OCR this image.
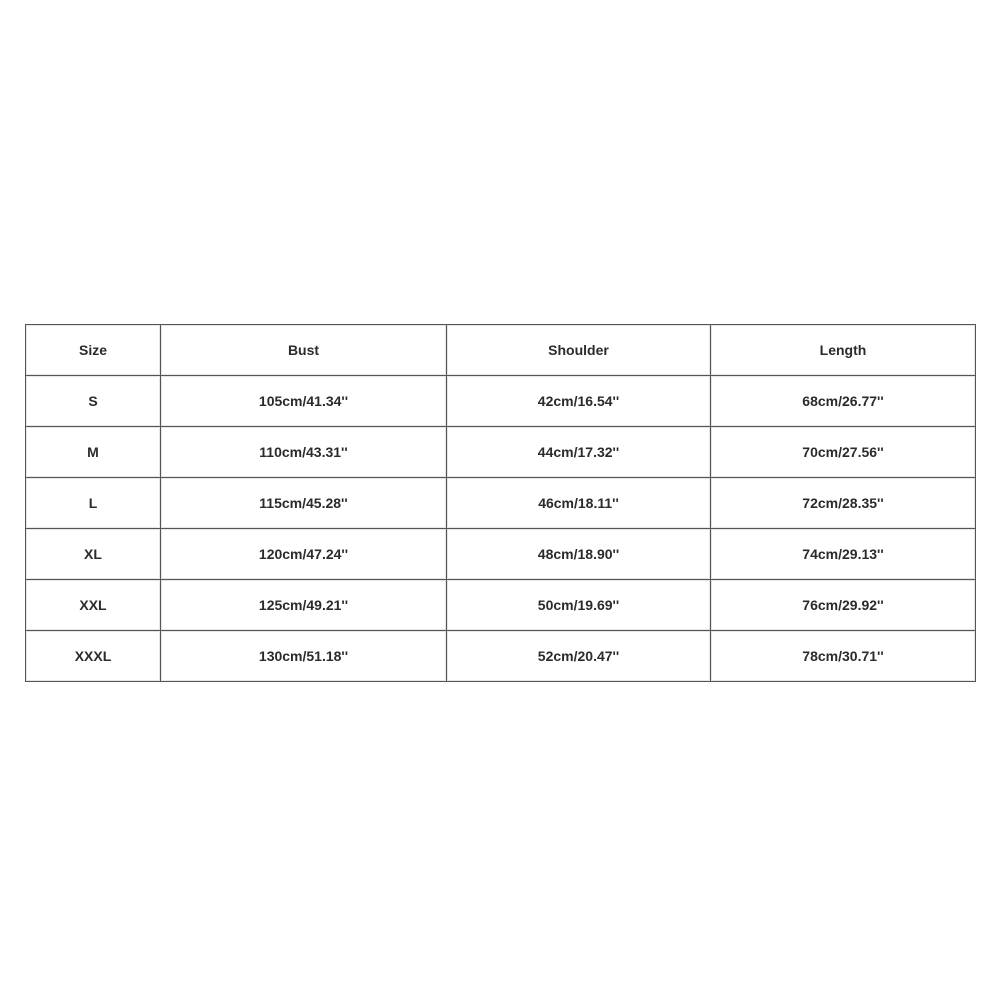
Size	Bust	Shoulder	Length
S	105cm/41.34''	42cm/16.54''	68cm/26.77''
M	110cm/43.31''	44cm/17.32''	70cm/27.56''
L	115cm/45.28''	46cm/18.11''	72cm/28.35''
XL	120cm/47.24''	48cm/18.90''	74cm/29.13''
XXL	125cm/49.21''	50cm/19.69''	76cm/29.92''
XXXL	130cm/51.18''	52cm/20.47''	78cm/30.71''
